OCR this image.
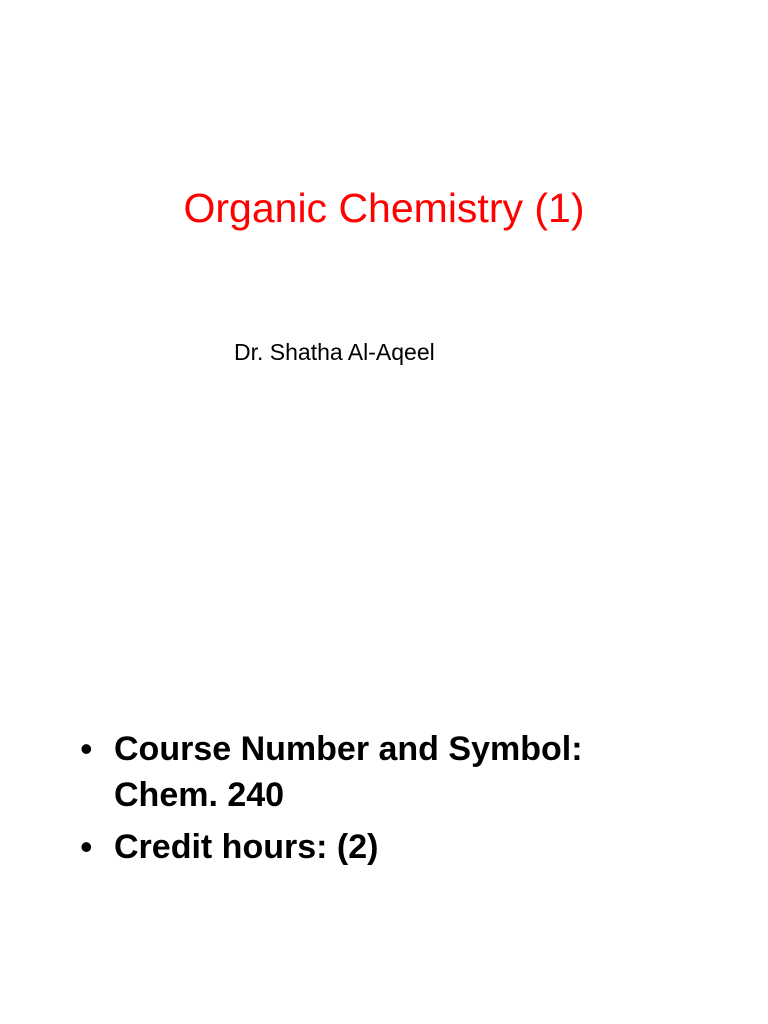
Organic Chemistry (1)
Dr. Shatha Al-Aqeel
• Course Number and Symbol:
Chem. 240
• Credit hours: (2)
